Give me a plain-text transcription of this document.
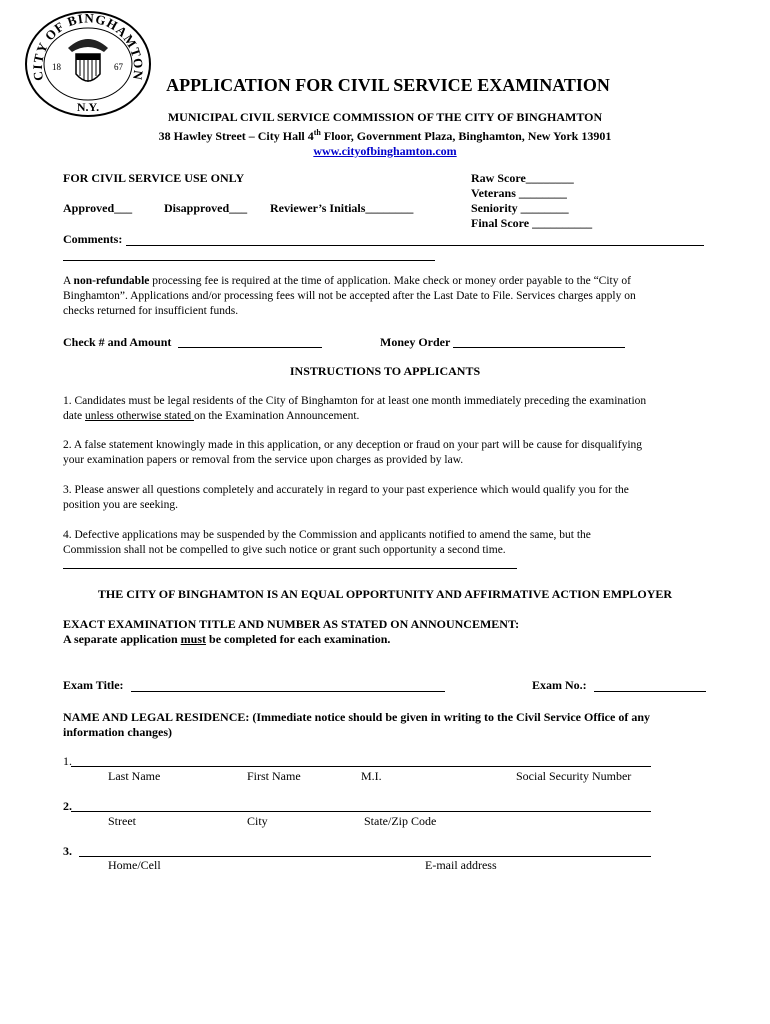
CITY OF BINGHAMTON
18	67
N.Y.
APPLICATION FOR CIVIL SERVICE EXAMINATION
MUNICIPAL CIVIL SERVICE COMMISSION OF THE CITY OF BINGHAMTON
38 Hawley Street – City Hall 4th Floor, Government Plaza, Binghamton, New York 13901
www.cityofbinghamton.com
FOR CIVIL SERVICE USE ONLY
Approved___	Disapproved___ Reviewer’s Initials________
Raw Score________
Veterans ________
Seniority ________
Final Score __________
Comments:
A non-refundable processing fee is required at the time of application. Make check or money order payable to the “City of
Binghamton”. Applications and/or processing fees will not be accepted after the Last Date to File. Services charges apply on
checks returned for insufficient funds.
Check # and Amount	Money Order
INSTRUCTIONS TO APPLICANTS
1. Candidates must be legal residents of the City of Binghamton for at least one month immediately preceding the examination
date unless otherwise stated on the Examination Announcement.
2. A false statement knowingly made in this application, or any deception or fraud on your part will be cause for disqualifying
your examination papers or removal from the service upon charges as provided by law.
3. Please answer all questions completely and accurately in regard to your past experience which would qualify you for the
position you are seeking.
4. Defective applications may be suspended by the Commission and applicants notified to amend the same, but the
Commission shall not be compelled to give such notice or grant such opportunity a second time.
THE CITY OF BINGHAMTON IS AN EQUAL OPPORTUNITY AND AFFIRMATIVE ACTION EMPLOYER
EXACT EXAMINATION TITLE AND NUMBER AS STATED ON ANNOUNCEMENT:
A separate application must be completed for each examination.
Exam Title:	Exam No.:
NAME AND LEGAL RESIDENCE: (Immediate notice should be given in writing to the Civil Service Office of any
information changes)
1.
Last Name	First Name	M.I.	Social Security Number
2.
Street	City	State/Zip Code
3.
Home/Cell	E-mail address
